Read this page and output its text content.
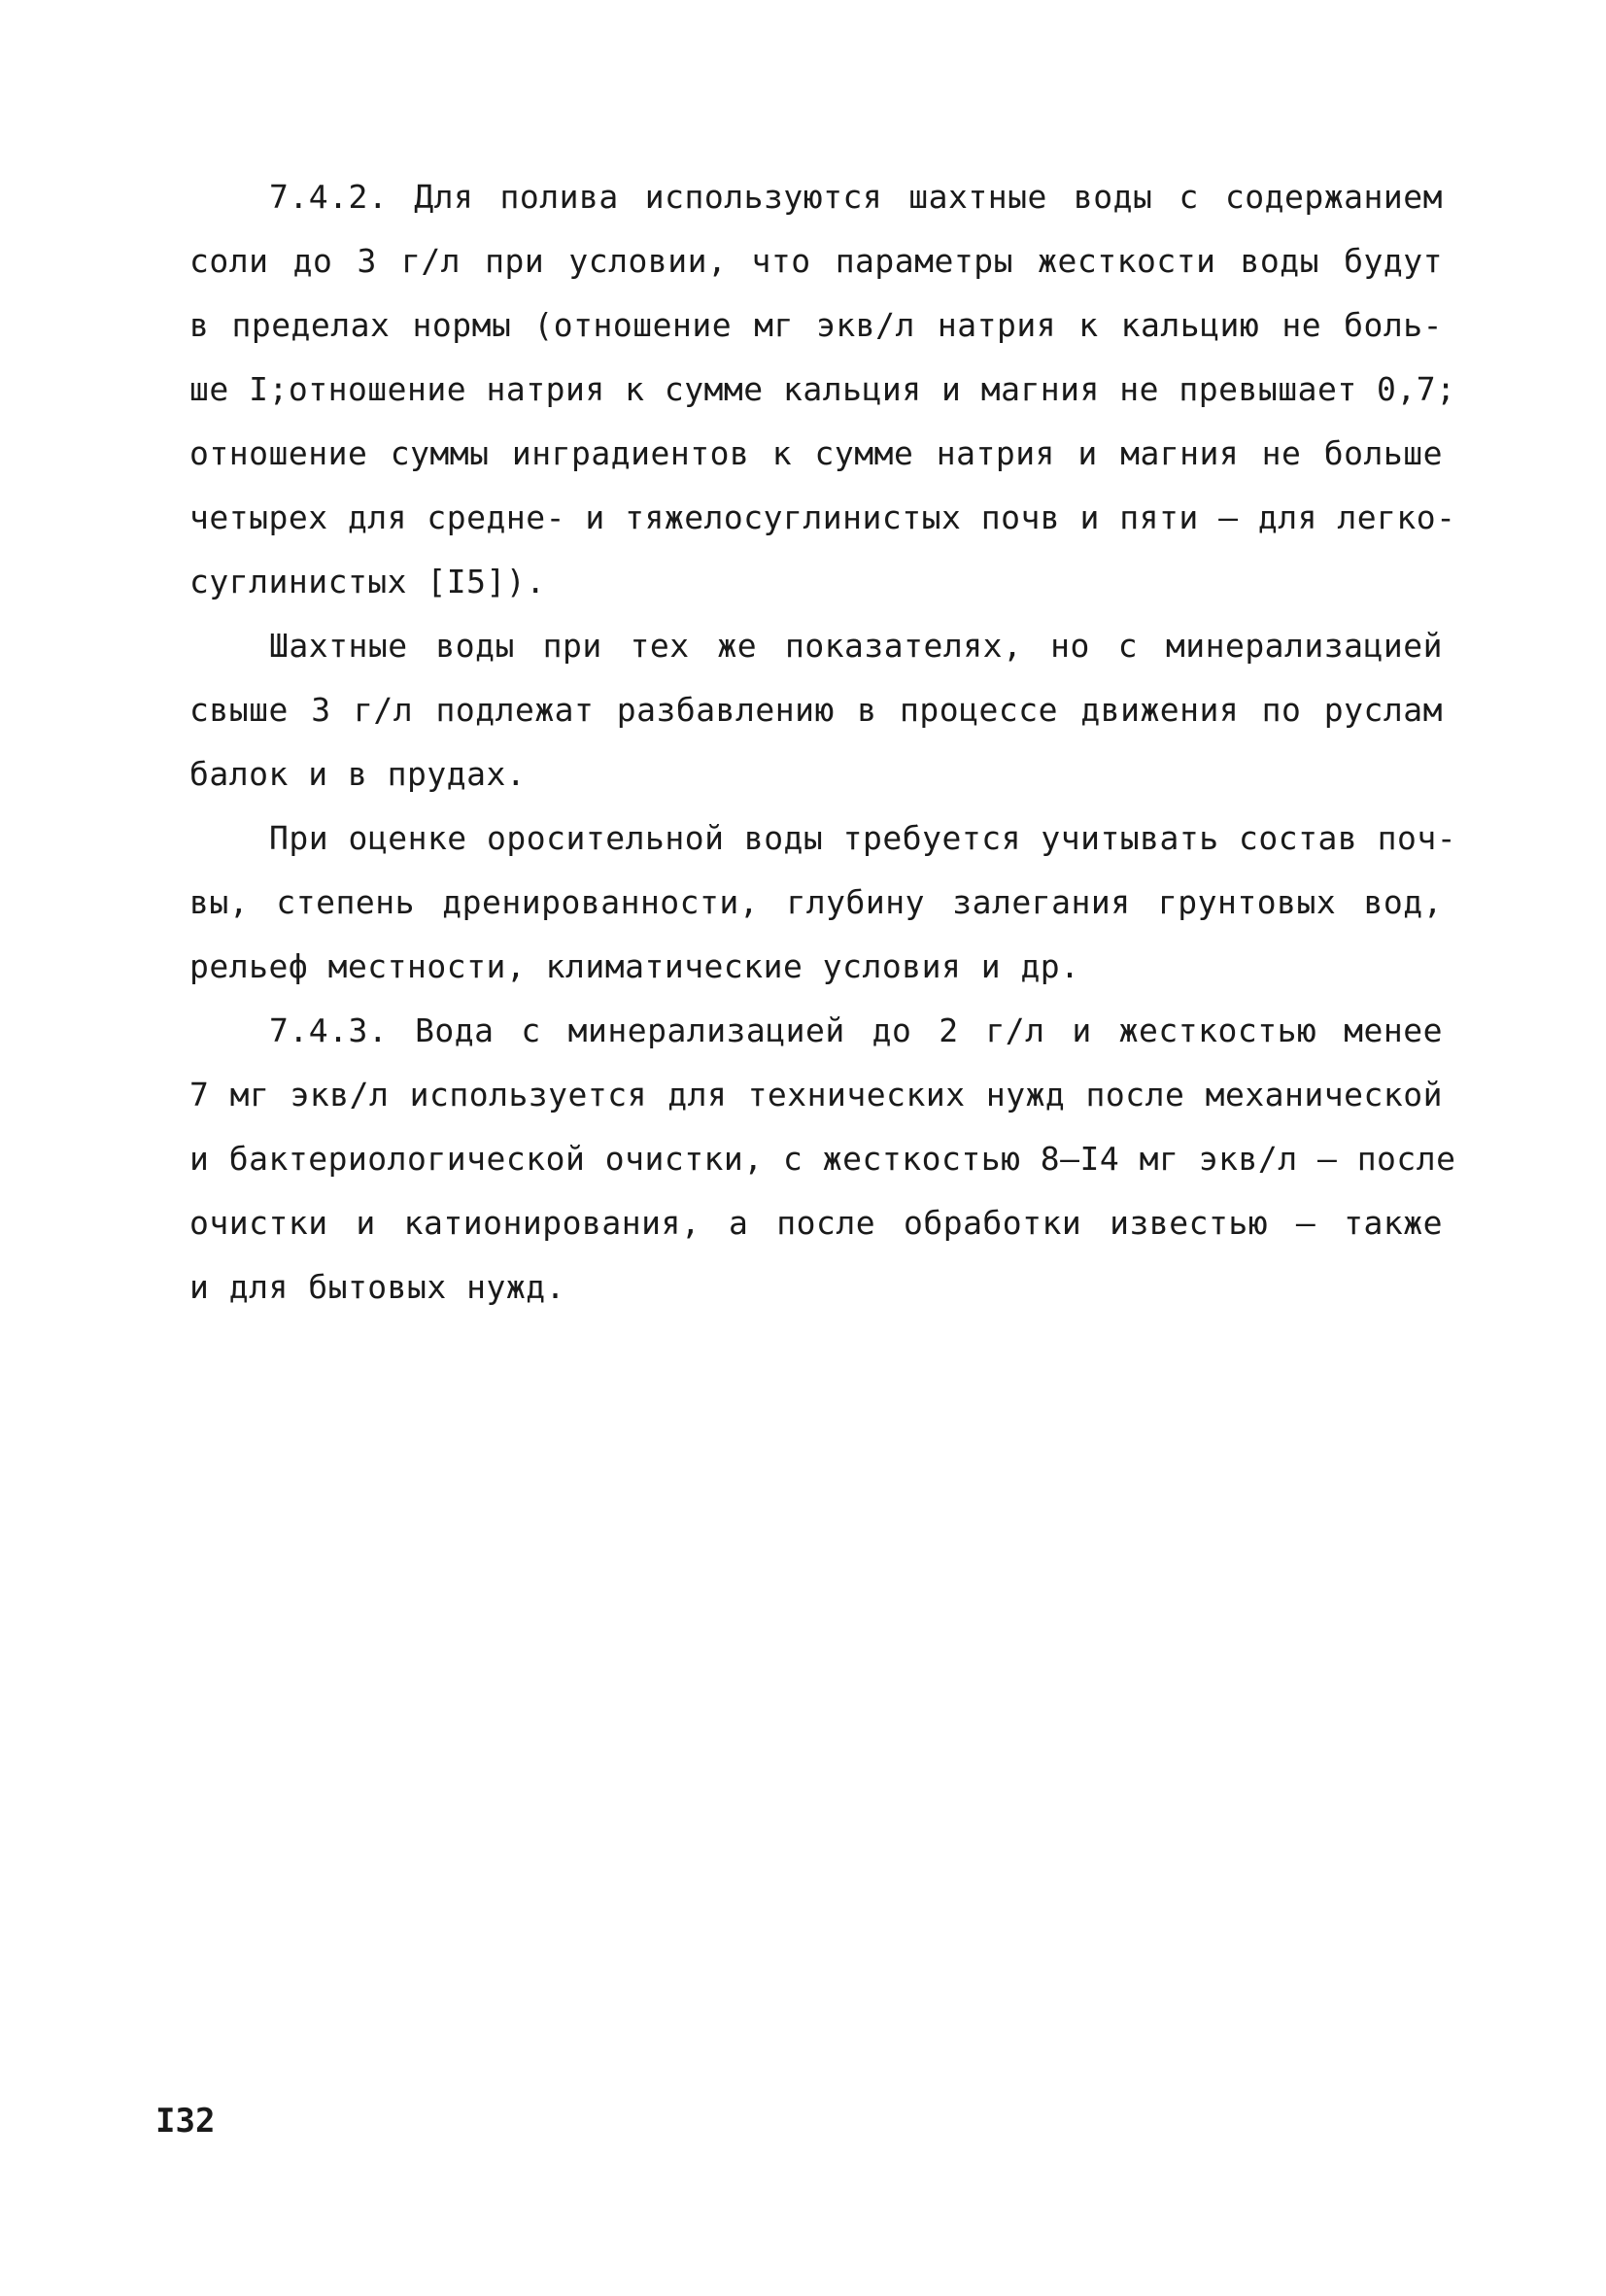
7.4.2. Для полива используются шахтные воды с содержанием
соли до 3 г/л при условии, что параметры жесткости воды будут
в пределах нормы (отношение мг экв/л натрия к кальцию не боль-
ше I;отношение натрия к сумме кальция и магния не превышает 0,7;
отношение суммы инградиентов к сумме натрия и магния не больше
четырех для средне- и тяжелосуглинистых почв и пяти – для легко-
суглинистых [I5]).
Шахтные воды при тех же показателях, но с минерализацией
свыше 3 г/л подлежат разбавлению в процессе движения по руслам
балок и в прудах.
При оценке оросительной воды требуется учитывать состав поч-
вы, степень дренированности, глубину залегания грунтовых вод,
рельеф местности, климатические условия и др.
7.4.3. Вода с минерализацией до 2 г/л и жесткостью менее
7 мг экв/л используется для технических нужд после механической
и бактериологической очистки, с жесткостью 8–I4 мг экв/л – после
очистки и катионирования, а после обработки известью – также
и для бытовых нужд.
I32
